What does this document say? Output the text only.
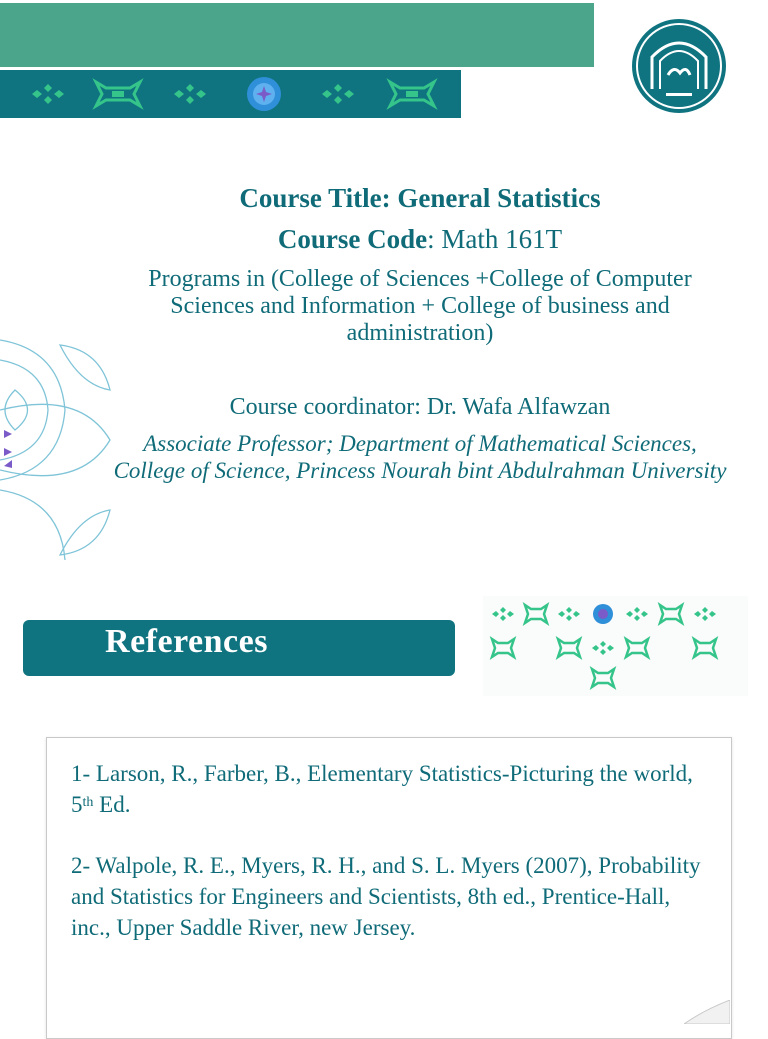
Course Title: General Statistics
Course Code: Math 161T
Programs in (College of Sciences +College of Computer Sciences and Information + College of business and administration)
Course coordinator: Dr. Wafa Alfawzan
Associate Professor; Department of Mathematical Sciences, College of Science, Princess Nourah bint Abdulrahman University
References
1- Larson, R., Farber, B., Elementary Statistics-Picturing the world, 5th Ed.
2- Walpole, R. E., Myers, R. H., and S. L. Myers (2007), Probability and Statistics for Engineers and Scientists, 8th ed., Prentice-Hall, inc., Upper Saddle River, new Jersey.
